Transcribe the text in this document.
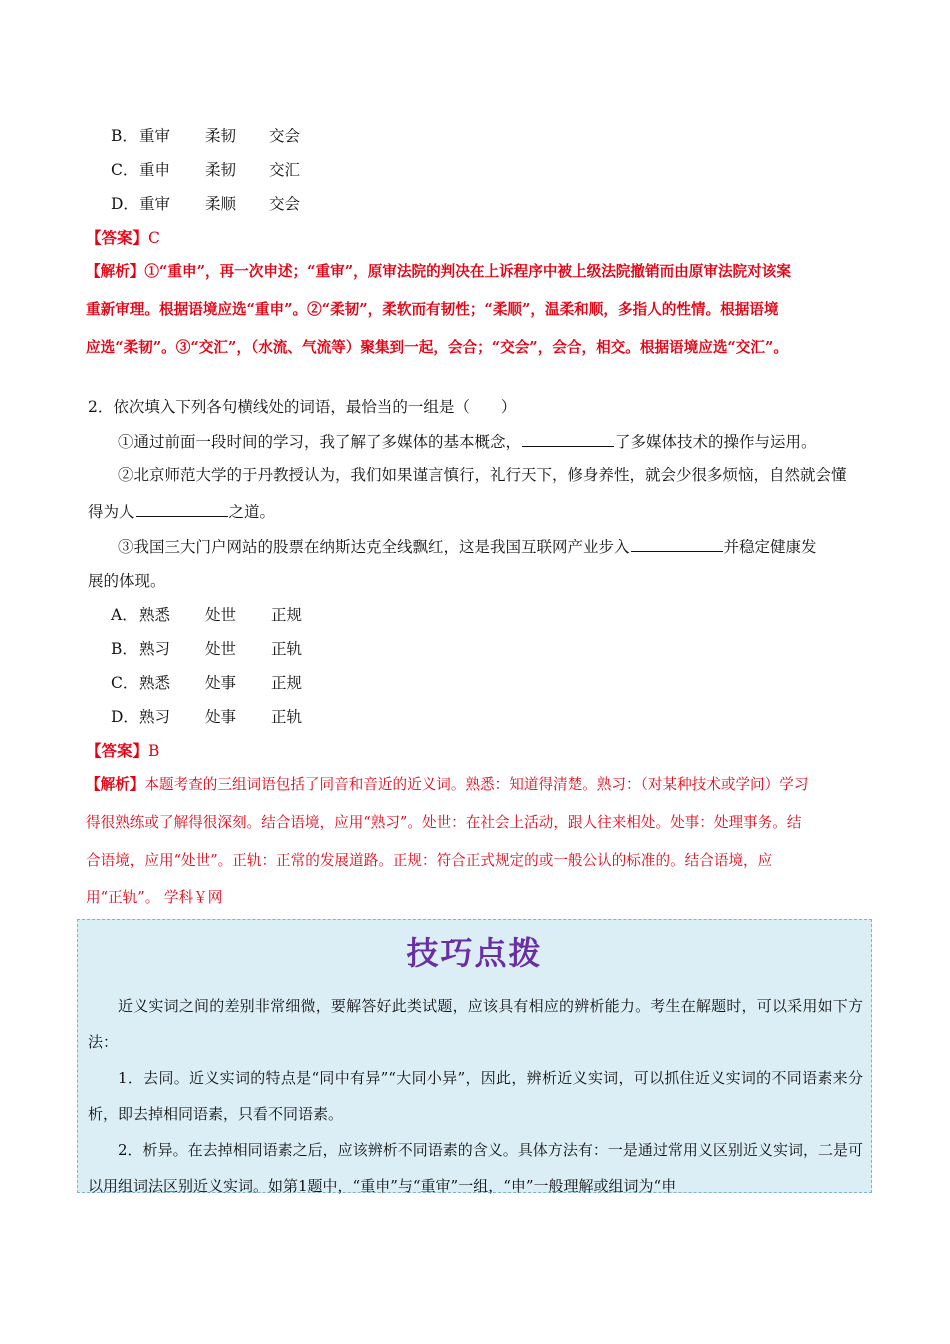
B． 重审 柔韧 交会
C． 重申 柔韧 交汇
D． 重审 柔顺 交会
【答案】C
【解析】①“重申”，再一次申述；“重审”，原审法院的判决在上诉程序中被上级法院撤销而由原审法院对该案
重新审理。根据语境应选“重申”。②“柔韧”，柔软而有韧性；“柔顺”，温柔和顺，多指人的性情。根据语境
应选“柔韧”。③“交汇”，（水流、气流等）聚集到一起，会合；“交会”，会合，相交。根据语境应选“交汇”。
2．依次填入下列各句横线处的词语，最恰当的一组是（　　）
①通过前面一段时间的学习，我了解了多媒体的基本概念，	了多媒体技术的操作与运用。
②北京师范大学的于丹教授认为，我们如果谨言慎行，礼行天下，修身养性，就会少很多烦恼，自然就会懂
得为人	之道。
③我国三大门户网站的股票在纳斯达克全线飘红，这是我国互联网产业步入	并稳定健康发
展的体现。
A． 熟悉 处世 正规
B． 熟习 处世 正轨
C． 熟悉 处事 正规
D． 熟习 处事 正轨
【答案】B
【解析】本题考查的三组词语包括了同音和音近的近义词。熟悉：知道得清楚。熟习：（对某种技术或学问）学习
得很熟练或了解得很深刻。结合语境，应用“熟习”。处世：在社会上活动，跟人往来相处。处事：处理事务。结
合语境，应用“处世”。正轨：正常的发展道路。正规：符合正式规定的或一般公认的标准的。结合语境，应
用“正轨”。 学科￥网
技巧点拨
近义实词之间的差别非常细微，要解答好此类试题，应该具有相应的辨析能力。考生在解题时，可以采用如下方法：
1．去同。近义实词的特点是“同中有异”“大同小异”，因此，辨析近义实词，可以抓住近义实词的不同语素来分析，即去掉相同语素，只看不同语素。
2．析异。在去掉相同语素之后，应该辨析不同语素的含义。具体方法有：一是通过常用义区别近义实词，二是可以用组词法区别近义实词。如第1题中，“重申”与“重审”一组，“申”一般理解或组词为“申
